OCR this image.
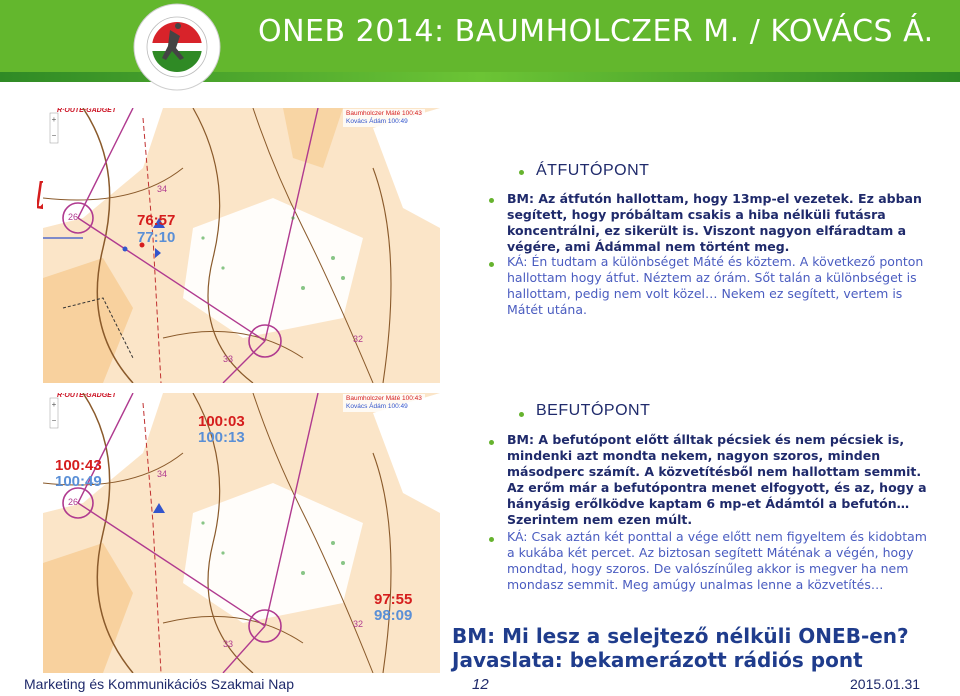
ONEB 2014: BAUMHOLCZER M. / KOVÁCS Á.
+
−
R·OUTE·GADGET	Baumholczer Máté 100:43
Kovács Ádám 100:49
34
26
33
32
76:57
77:10
+
−
R·OUTE·GADGET	Baumholczer Máté 100:43
Kovács Ádám 100:49
34
26
33
32
100:43
100:49
100:03
100:13
97:55
98:09
ÁTFUTÓPONT
BM: Az átfutón hallottam, hogy 13mp-el vezetek. Ez abban segített, hogy próbáltam csakis a hiba nélküli futásra koncentrálni, ez sikerült is. Viszont nagyon elfáradtam a végére, ami Ádámmal nem történt meg.
KÁ: Én tudtam a különbséget Máté és köztem. A következő ponton hallottam hogy átfut. Néztem az órám. Sőt talán a különbséget is hallottam, pedig nem volt közel… Nekem ez segített, vertem is Mátét utána.
BEFUTÓPONT
BM: A befutópont előtt álltak pécsiek és nem pécsiek is, mindenki azt mondta nekem, nagyon szoros, minden másodperc számít. A közvetítésből nem hallottam semmit. Az erőm már a befutópontra menet elfogyott, és az, hogy a hányásig erőlködve kaptam 6 mp-et Ádámtól a befutón… Szerintem nem ezen múlt.
KÁ: Csak aztán két ponttal a vége előtt nem figyeltem és kidobtam a kukába két percet. Az biztosan segített Máténak a végén, hogy mondtad, hogy szoros. De valószínűleg akkor is megver ha nem mondasz semmit. Meg amúgy unalmas lenne a közvetítés…
BM: Mi lesz a selejtező nélküli ONEB-en?
Javaslata: bekamerázott rádiós pont
Marketing és Kommunikációs Szakmai Nap	12	2015.01.31
